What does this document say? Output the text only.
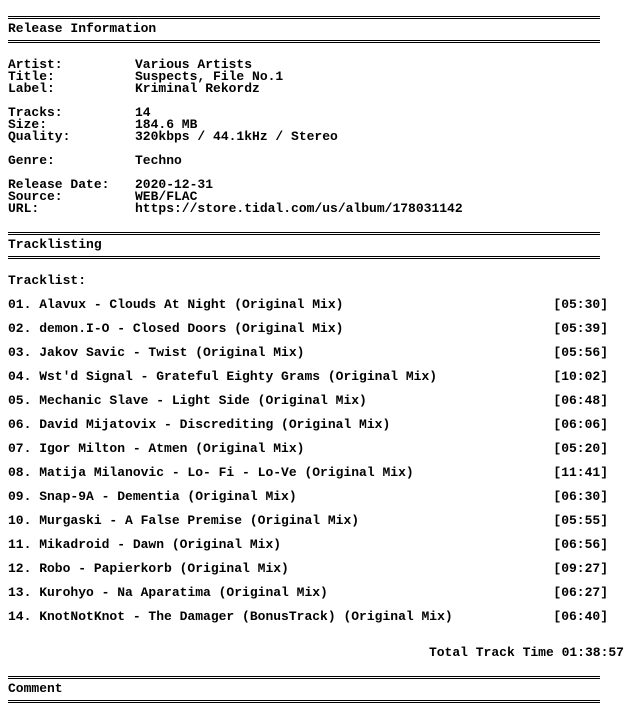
Release Information
Artist:	Various Artists
Title:	Suspects, File No.1
Label:	Kriminal Rekordz
Tracks:	14
Size:	184.6 MB
Quality:	320kbps / 44.1kHz / Stereo
Genre:	Techno
Release Date: 2020-12-31
Source:	WEB/FLAC
URL:	https://store.tidal.com/us/album/178031142
Tracklisting
Tracklist:
01. Alavux - Clouds At Night (Original Mix)	[05:30]
02. demon.I-O - Closed Doors (Original Mix)	[05:39]
03. Jakov Savic - Twist (Original Mix)	[05:56]
04. Wst'd Signal - Grateful Eighty Grams (Original Mix)	[10:02]
05. Mechanic Slave - Light Side (Original Mix)	[06:48]
06. David Mijatovix - Discrediting (Original Mix)	[06:06]
07. Igor Milton - Atmen (Original Mix)	[05:20]
08. Matija Milanovic - Lo- Fi - Lo-Ve (Original Mix)	[11:41]
09. Snap-9A - Dementia (Original Mix)	[06:30]
10. Murgaski - A False Premise (Original Mix)	[05:55]
11. Mikadroid - Dawn (Original Mix)	[06:56]
12. Robo - Papierkorb (Original Mix)	[09:27]
13. Kurohyo - Na Aparatima (Original Mix)	[06:27]
14. KnotNotKnot - The Damager (BonusTrack) (Original Mix)	[06:40]
Total Track Time 01:38:57
Comment
